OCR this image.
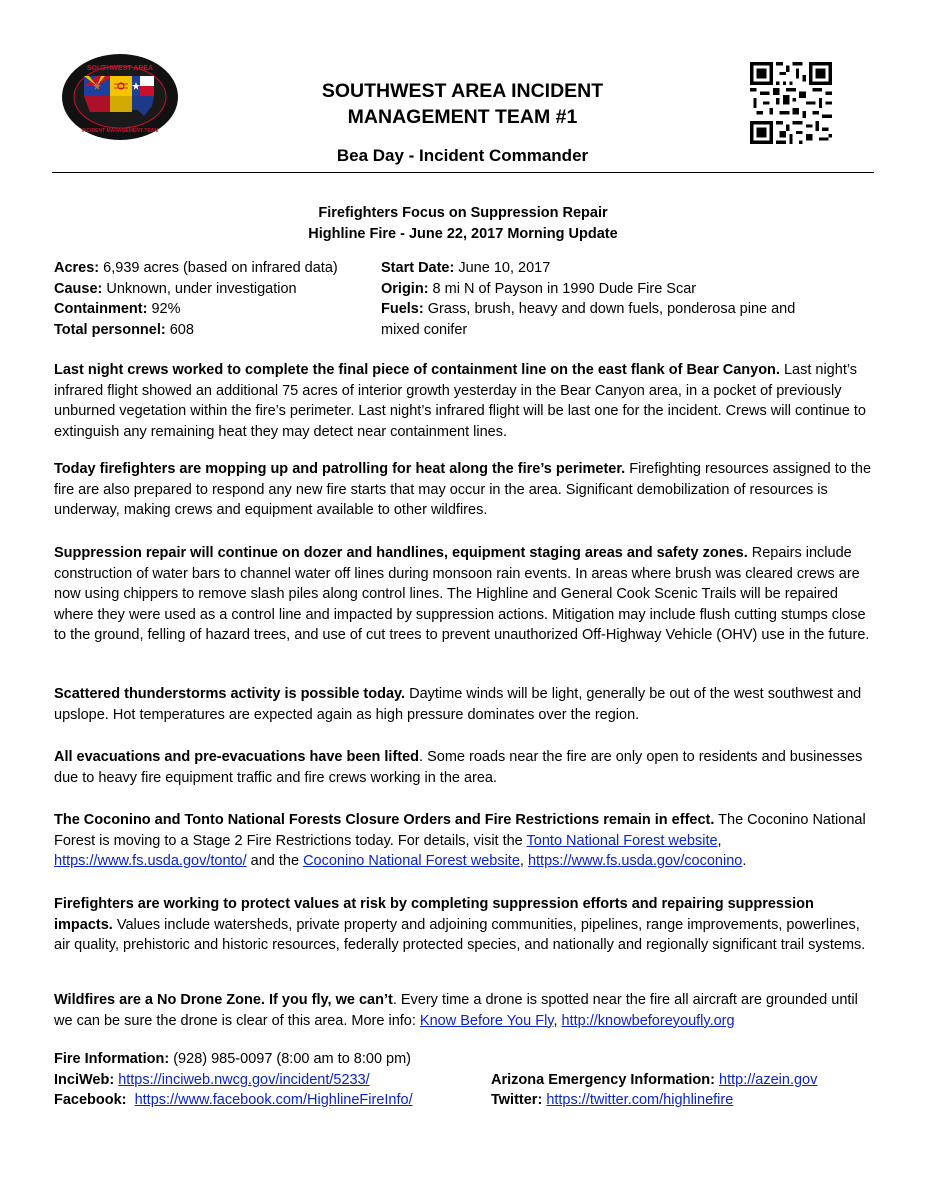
SOUTHWEST AREA
INCIDENT MANAGEMENT TEAM
SOUTHWEST AREA INCIDENT
MANAGEMENT TEAM #1
Bea Day - Incident Commander
Firefighters Focus on Suppression Repair
Highline Fire - June 22, 2017 Morning Update
Acres: 6,939 acres (based on infrared data)
Cause: Unknown, under investigation
Containment: 92%
Total personnel: 608
Start Date: June 10, 2017
Origin: 8 mi N of Payson in 1990 Dude Fire Scar
Fuels: Grass, brush, heavy and down fuels, ponderosa pine and mixed conifer
Last night crews worked to complete the final piece of containment line on the east flank of Bear Canyon. Last night’s infrared flight showed an additional 75 acres of interior growth yesterday in the Bear Canyon area, in a pocket of previously unburned vegetation within the fire’s perimeter. Last night’s infrared flight will be last one for the incident. Crews will continue to extinguish any remaining heat they may detect near containment lines.
Today firefighters are mopping up and patrolling for heat along the fire’s perimeter. Firefighting resources assigned to the fire are also prepared to respond any new fire starts that may occur in the area. Significant demobilization of resources is underway, making crews and equipment available to other wildfires.
Suppression repair will continue on dozer and handlines, equipment staging areas and safety zones. Repairs include construction of water bars to channel water off lines during monsoon rain events. In areas where brush was cleared crews are now using chippers to remove slash piles along control lines. The Highline and General Cook Scenic Trails will be repaired where they were used as a control line and impacted by suppression actions. Mitigation may include flush cutting stumps close to the ground, felling of hazard trees, and use of cut trees to prevent unauthorized Off-Highway Vehicle (OHV) use in the future.
Scattered thunderstorms activity is possible today. Daytime winds will be light, generally be out of the west southwest and upslope. Hot temperatures are expected again as high pressure dominates over the region.
All evacuations and pre-evacuations have been lifted. Some roads near the fire are only open to residents and businesses due to heavy fire equipment traffic and fire crews working in the area.
The Coconino and Tonto National Forests Closure Orders and Fire Restrictions remain in effect. The Coconino National Forest is moving to a Stage 2 Fire Restrictions today. For details, visit the Tonto National Forest website, https://www.fs.usda.gov/tonto/ and the Coconino National Forest website, https://www.fs.usda.gov/coconino.
Firefighters are working to protect values at risk by completing suppression efforts and repairing suppression impacts. Values include watersheds, private property and adjoining communities, pipelines, range improvements, powerlines, air quality, prehistoric and historic resources, federally protected species, and nationally and regionally significant trail systems.
Wildfires are a No Drone Zone. If you fly, we can’t. Every time a drone is spotted near the fire all aircraft are grounded until we can be sure the drone is clear of this area. More info: Know Before You Fly, http://knowbeforeyoufly.org
Fire Information: (928) 985-0097 (8:00 am to 8:00 pm)
InciWeb: https://inciweb.nwcg.gov/incident/5233/
Facebook: https://www.facebook.com/HighlineFireInfo/
Arizona Emergency Information: http://azein.gov
Twitter: https://twitter.com/highlinefire
